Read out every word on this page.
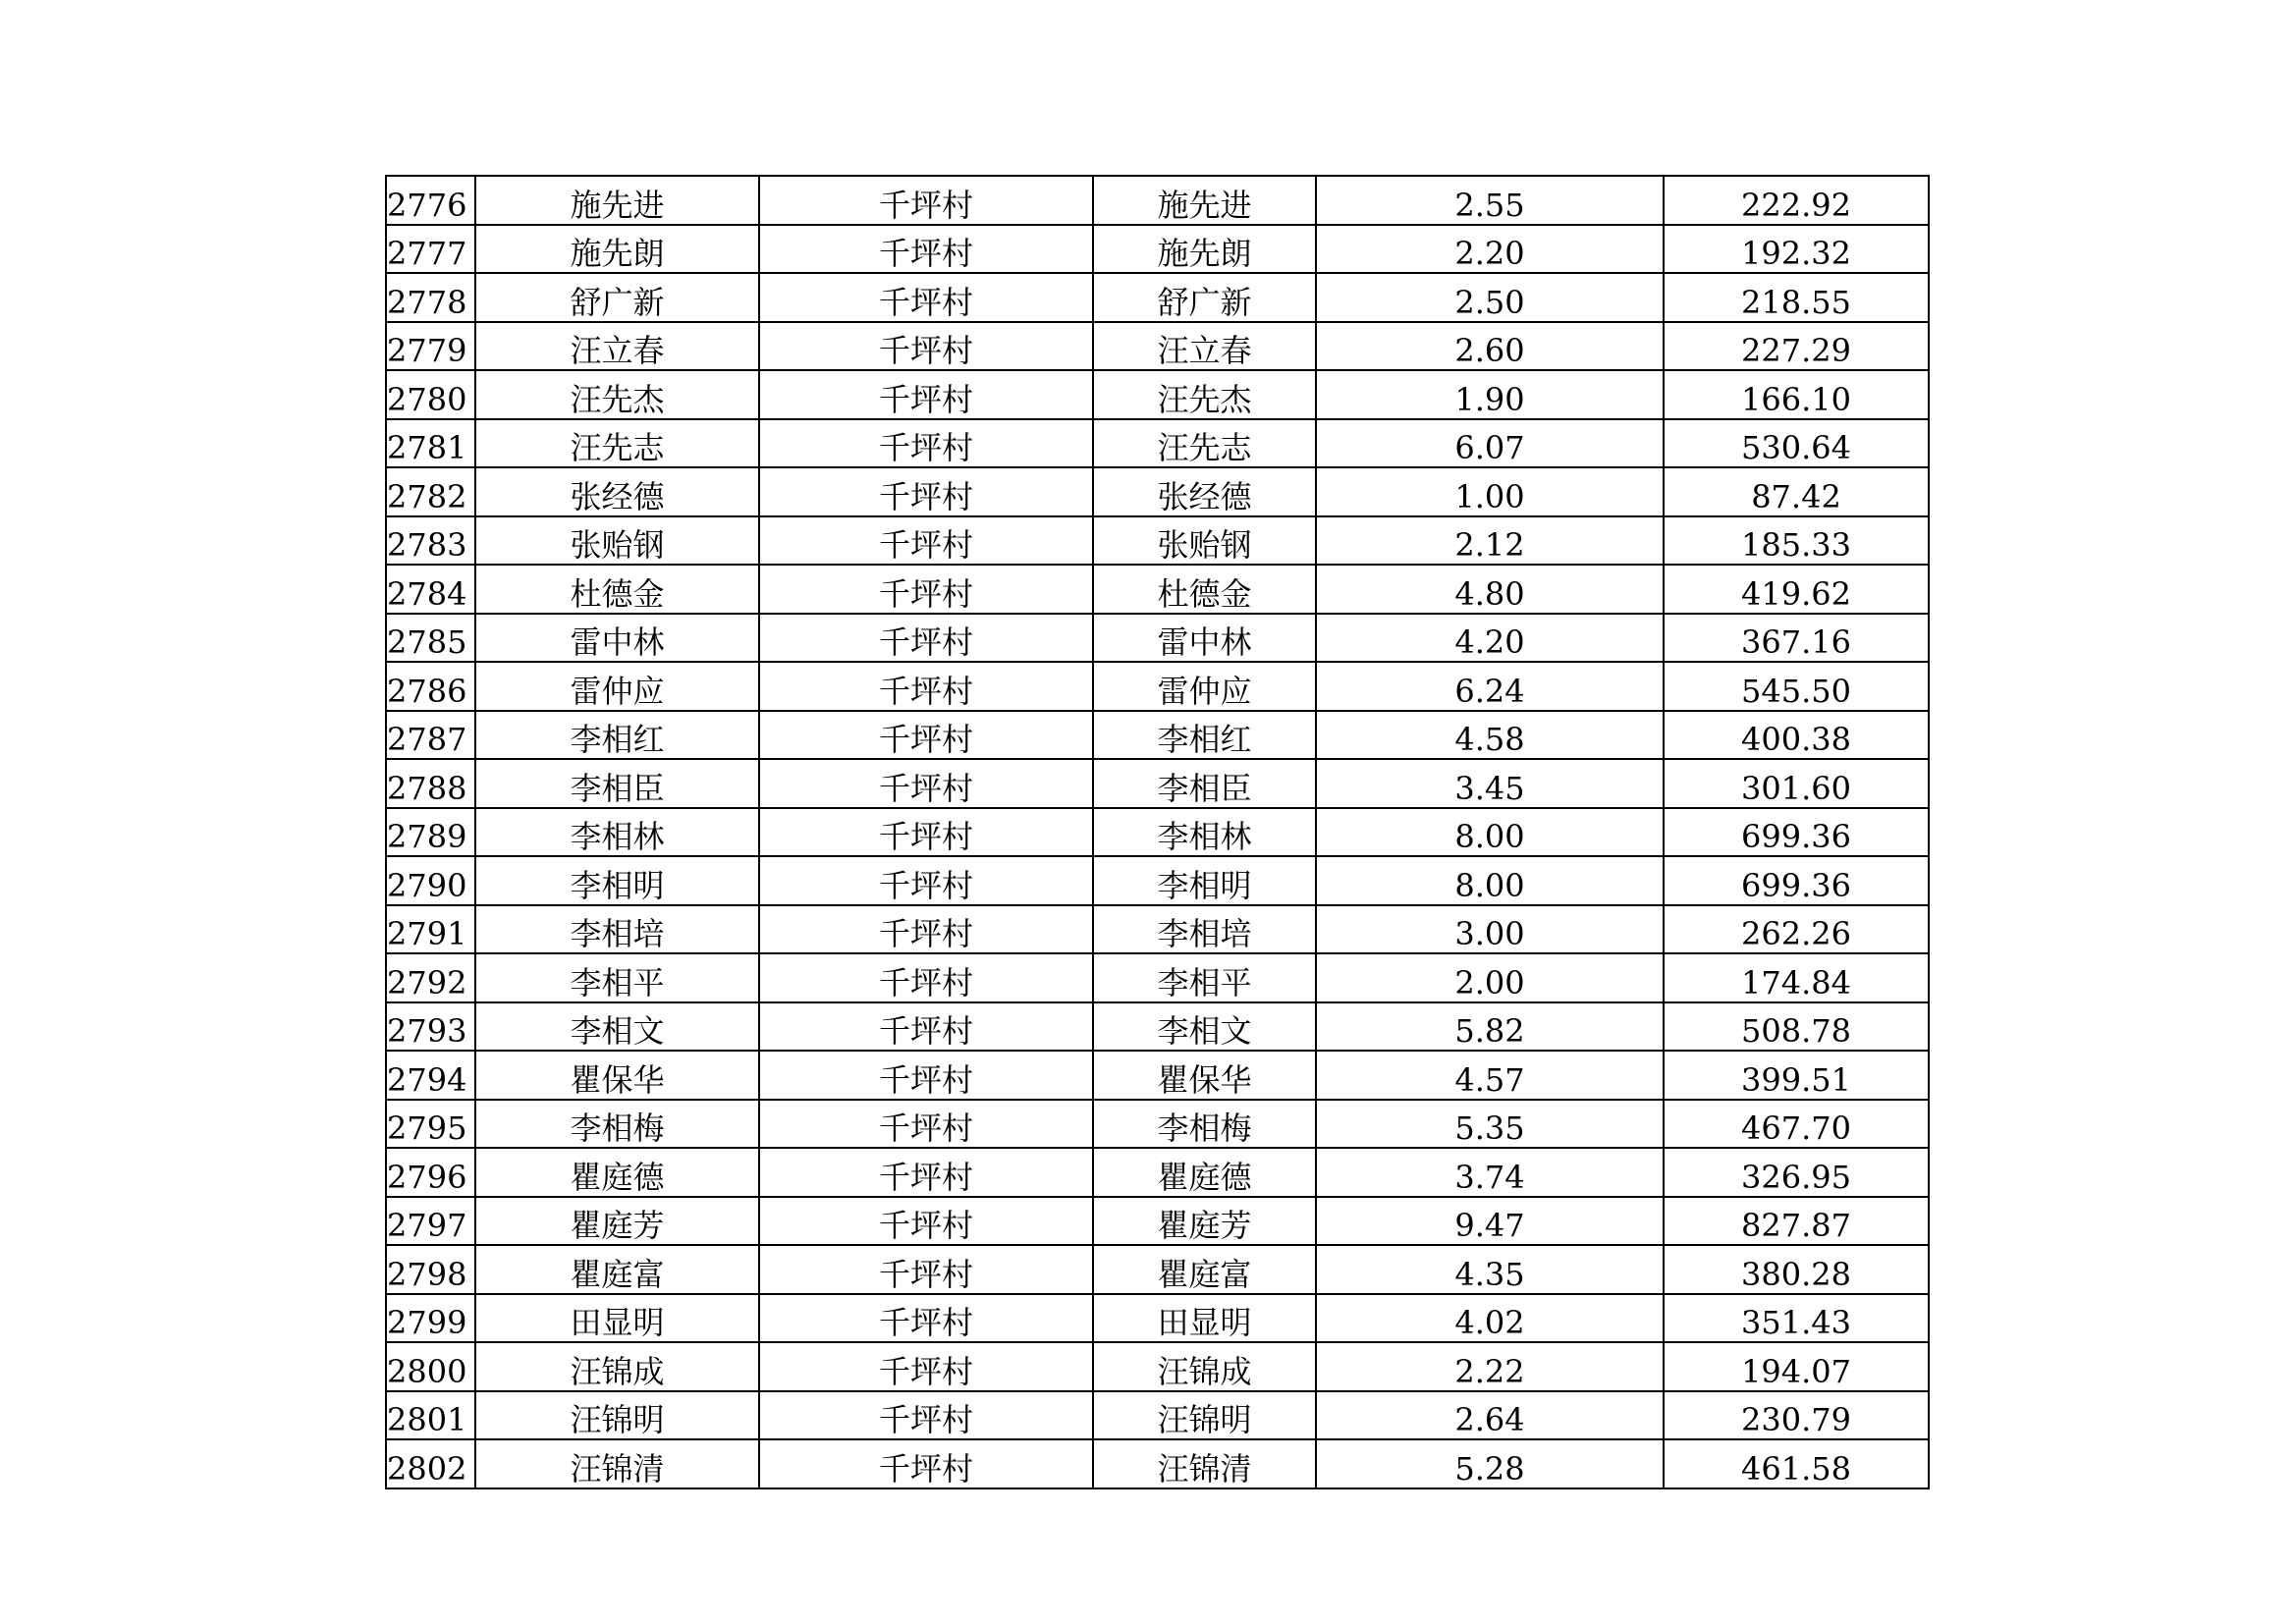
2776	施先进	千坪村	施先进	2.55	222.92
2777	施先朗	千坪村	施先朗	2.20	192.32
2778	舒广新	千坪村	舒广新	2.50	218.55
2779	汪立春	千坪村	汪立春	2.60	227.29
2780	汪先杰	千坪村	汪先杰	1.90	166.10
2781	汪先志	千坪村	汪先志	6.07	530.64
2782	张经德	千坪村	张经德	1.00	87.42
2783	张贻钢	千坪村	张贻钢	2.12	185.33
2784	杜德金	千坪村	杜德金	4.80	419.62
2785	雷中林	千坪村	雷中林	4.20	367.16
2786	雷仲应	千坪村	雷仲应	6.24	545.50
2787	李相红	千坪村	李相红	4.58	400.38
2788	李相臣	千坪村	李相臣	3.45	301.60
2789	李相林	千坪村	李相林	8.00	699.36
2790	李相明	千坪村	李相明	8.00	699.36
2791	李相培	千坪村	李相培	3.00	262.26
2792	李相平	千坪村	李相平	2.00	174.84
2793	李相文	千坪村	李相文	5.82	508.78
2794	瞿保华	千坪村	瞿保华	4.57	399.51
2795	李相梅	千坪村	李相梅	5.35	467.70
2796	瞿庭德	千坪村	瞿庭德	3.74	326.95
2797	瞿庭芳	千坪村	瞿庭芳	9.47	827.87
2798	瞿庭富	千坪村	瞿庭富	4.35	380.28
2799	田显明	千坪村	田显明	4.02	351.43
2800	汪锦成	千坪村	汪锦成	2.22	194.07
2801	汪锦明	千坪村	汪锦明	2.64	230.79
2802	汪锦清	千坪村	汪锦清	5.28	461.58
